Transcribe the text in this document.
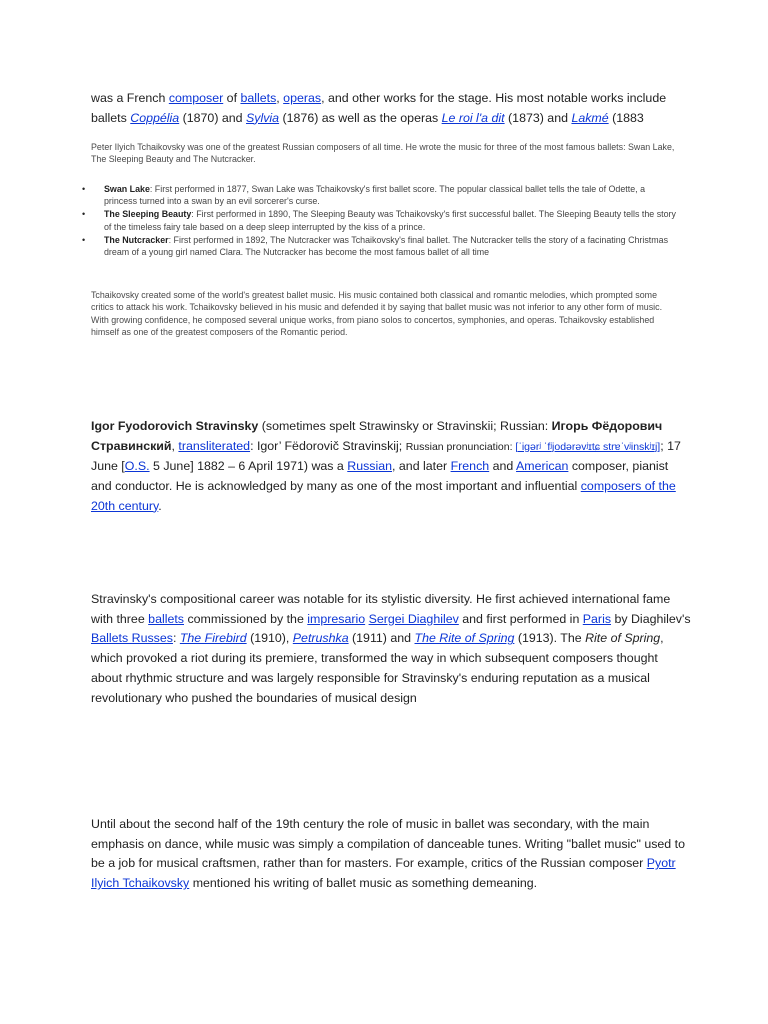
was a French composer of ballets, operas, and other works for the stage. His most notable works include ballets Coppélia (1870) and Sylvia (1876) as well as the operas Le roi l'a dit (1873) and Lakmé (1883
Peter Ilyich Tchaikovsky was one of the greatest Russian composers of all time. He wrote the music for three of the most famous ballets: Swan Lake, The Sleeping Beauty and The Nutcracker.
• Swan Lake: First performed in 1877, Swan Lake was Tchaikovsky's first ballet score. The popular classical ballet tells the tale of Odette, a princess turned into a swan by an evil sorcerer's curse.
• The Sleeping Beauty: First performed in 1890, The Sleeping Beauty was Tchaikovsky's first successful ballet. The Sleeping Beauty tells the story of the timeless fairy tale based on a deep sleep interrupted by the kiss of a prince.
• The Nutcracker: First performed in 1892, The Nutcracker was Tchaikovsky's final ballet. The Nutcracker tells the story of a facinating Christmas dream of a young girl named Clara. The Nutcracker has become the most famous ballet of all time
Tchaikovsky created some of the world's greatest ballet music. His music contained both classical and romantic melodies, which prompted some critics to attack his work. Tchaikovsky believed in his music and defended it by saying that ballet music was not inferior to any other form of music. With growing confidence, he composed several unique works, from piano solos to concertos, symphonies, and operas. Tchaikovsky established himself as one of the greatest composers of the Romantic period.
Igor Fyodorovich Stravinsky (sometimes spelt Strawinsky or Stravinskii; Russian: Игорь Фёдорович Стравинский, transliterated: Igor’ Fëdorovič Stravinskij; Russian pronunciation: [ˈiɡərʲ ˈfʲjodərəvʲɪtɕ strɐˈvʲinskʲɪj]; 17 June [O.S. 5 June] 1882 – 6 April 1971) was a Russian, and later French and American composer, pianist and conductor. He is acknowledged by many as one of the most important and influential composers of the 20th century.
Stravinsky's compositional career was notable for its stylistic diversity. He first achieved international fame with three ballets commissioned by the impresario Sergei Diaghilev and first performed in Paris by Diaghilev's Ballets Russes: The Firebird (1910), Petrushka (1911) and The Rite of Spring (1913). The Rite of Spring, which provoked a riot during its premiere, transformed the way in which subsequent composers thought about rhythmic structure and was largely responsible for Stravinsky's enduring reputation as a musical revolutionary who pushed the boundaries of musical design
Until about the second half of the 19th century the role of music in ballet was secondary, with the main emphasis on dance, while music was simply a compilation of danceable tunes. Writing "ballet music" used to be a job for musical craftsmen, rather than for masters. For example, critics of the Russian composer Pyotr Ilyich Tchaikovsky mentioned his writing of ballet music as something demeaning.
